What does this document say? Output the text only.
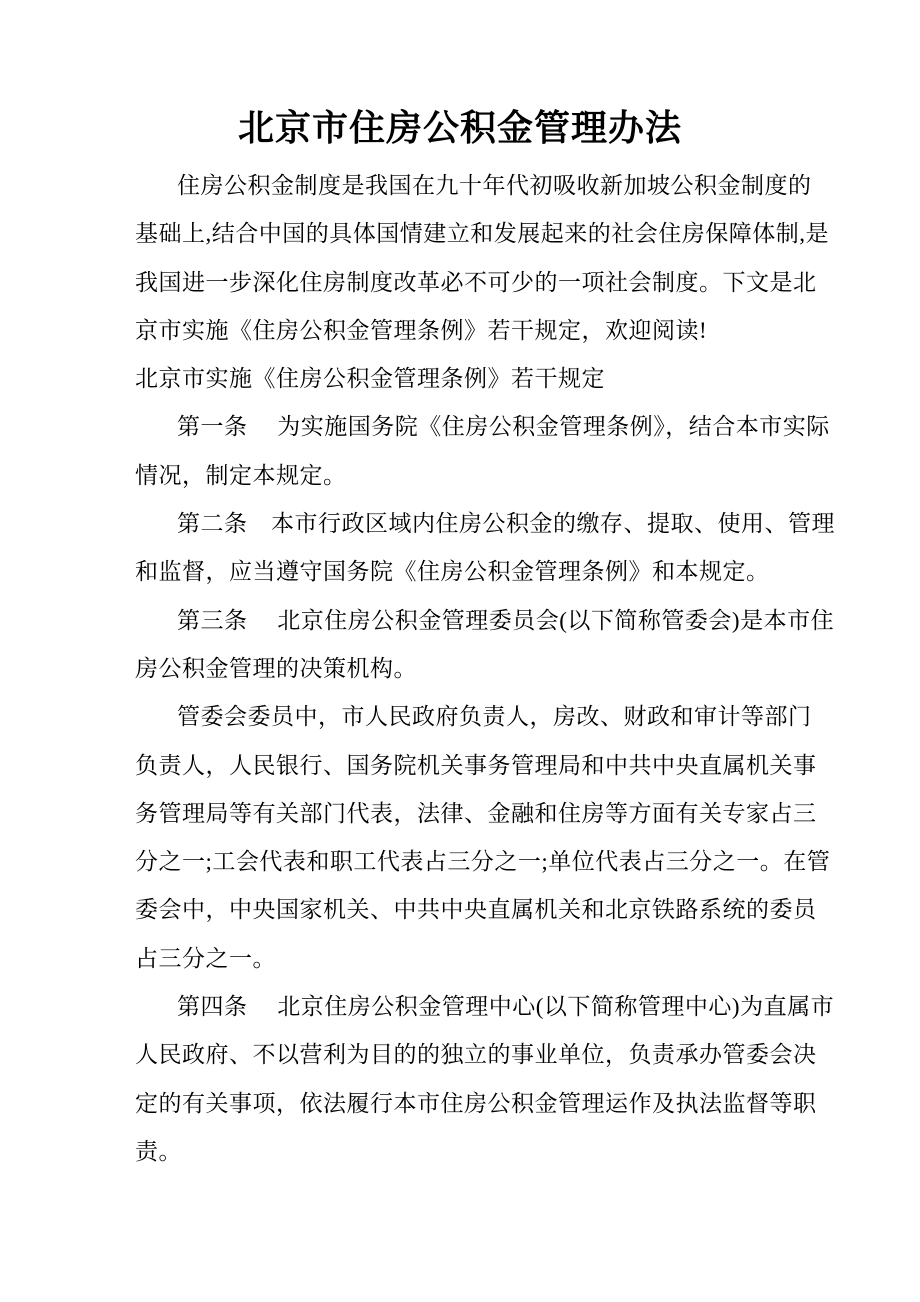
北京市住房公积金管理办法
住房公积金制度是我国在九十年代初吸收新加坡公积金制度的
基础上,结合中国的具体国情建立和发展起来的社会住房保障体制,是
我国进一步深化住房制度改革必不可少的一项社会制度。下文是北
京市实施《住房公积金管理条例》若干规定，欢迎阅读!
北京市实施《住房公积金管理条例》若干规定
第一条　 为实施国务院《住房公积金管理条例》，结合本市实际
情况，制定本规定。
第二条　本市行政区域内住房公积金的缴存、提取、使用、管理
和监督，应当遵守国务院《住房公积金管理条例》和本规定。
第三条　 北京住房公积金管理委员会(以下简称管委会)是本市住
房公积金管理的决策机构。
管委会委员中，市人民政府负责人，房改、财政和审计等部门
负责人，人民银行、国务院机关事务管理局和中共中央直属机关事
务管理局等有关部门代表，法律、金融和住房等方面有关专家占三
分之一;工会代表和职工代表占三分之一;单位代表占三分之一。在管
委会中，中央国家机关、中共中央直属机关和北京铁路系统的委员
占三分之一。
第四条　 北京住房公积金管理中心(以下简称管理中心)为直属市
人民政府、不以营利为目的的独立的事业单位，负责承办管委会决
定的有关事项，依法履行本市住房公积金管理运作及执法监督等职
责。
